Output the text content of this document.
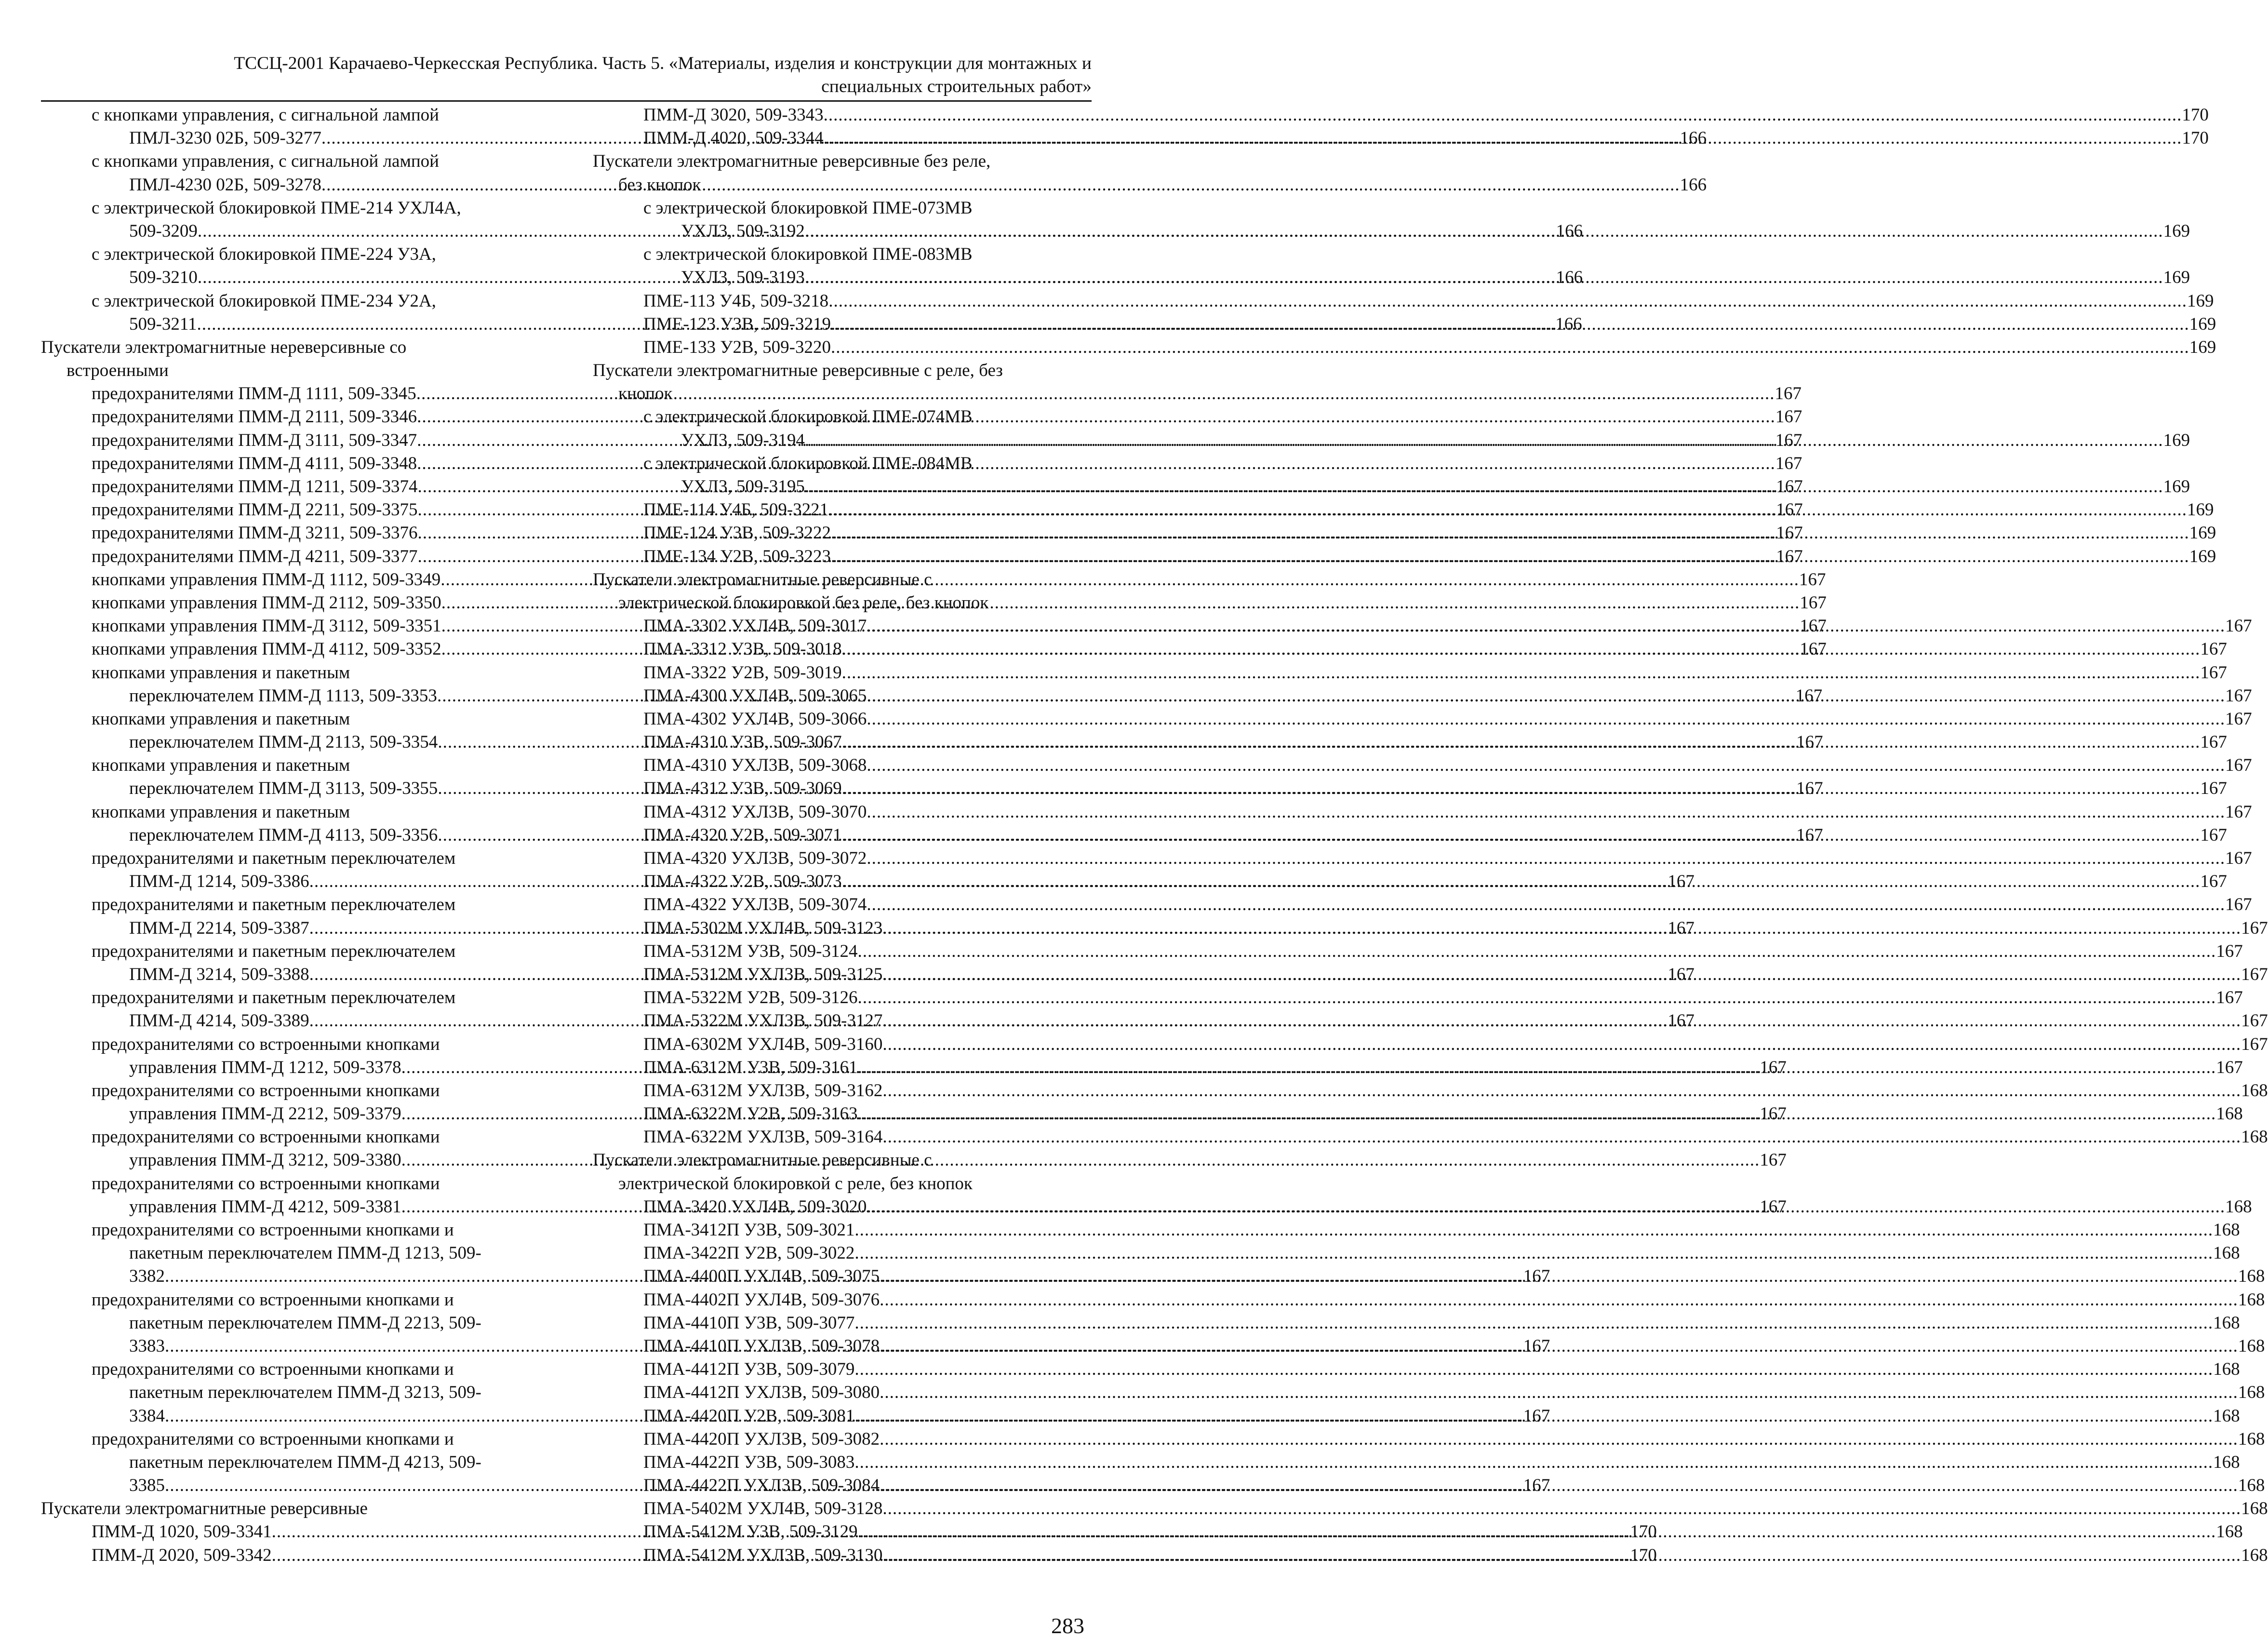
ТССЦ-2001 Карачаево-Черкесская Республика. Часть 5. «Материалы, изделия и конструкции для монтажных и
специальных строительных работ»
с кнопками управления, с сигнальной лампой
ПМЛ-3230 02Б, 509-3277 .....	166
с кнопками управления, с сигнальной лампой
ПМЛ-4230 02Б, 509-3278 .....	166
с электрической блокировкой ПМЕ-214 УХЛ4А,
509-3209 .....	166
с электрической блокировкой ПМЕ-224 У3А,
509-3210 .....	166
с электрической блокировкой ПМЕ-234 У2А,
509-3211 .....	166
Пускатели электромагнитные нереверсивные со
встроенными
предохранителями ПММ-Д 1111, 509-3345 .....	167
предохранителями ПММ-Д 2111, 509-3346 .....	167
предохранителями ПММ-Д 3111, 509-3347 .....	167
предохранителями ПММ-Д 4111, 509-3348 .....	167
предохранителями ПММ-Д 1211, 509-3374 .....	167
предохранителями ПММ-Д 2211, 509-3375 .....	167
предохранителями ПММ-Д 3211, 509-3376 .....	167
предохранителями ПММ-Д 4211, 509-3377 .....	167
кнопками управления ПММ-Д 1112, 509-3349 .....	167
кнопками управления ПММ-Д 2112, 509-3350 .....	167
кнопками управления ПММ-Д 3112, 509-3351 .....	167
кнопками управления ПММ-Д 4112, 509-3352 .....	167
кнопками управления и пакетным
переключателем ПММ-Д 1113, 509-3353 .....	167
кнопками управления и пакетным
переключателем ПММ-Д 2113, 509-3354 .....	167
кнопками управления и пакетным
переключателем ПММ-Д 3113, 509-3355 .....	167
кнопками управления и пакетным
переключателем ПММ-Д 4113, 509-3356 .....	167
предохранителями и пакетным переключателем
ПММ-Д 1214, 509-3386 .....	167
предохранителями и пакетным переключателем
ПММ-Д 2214, 509-3387 .....	167
предохранителями и пакетным переключателем
ПММ-Д 3214, 509-3388 .....	167
предохранителями и пакетным переключателем
ПММ-Д 4214, 509-3389 .....	167
предохранителями со встроенными кнопками
управления ПММ-Д 1212, 509-3378 .....	167
предохранителями со встроенными кнопками
управления ПММ-Д 2212, 509-3379 .....	167
предохранителями со встроенными кнопками
управления ПММ-Д 3212, 509-3380 .....	167
предохранителями со встроенными кнопками
управления ПММ-Д 4212, 509-3381 .....	167
предохранителями со встроенными кнопками и
пакетным переключателем ПММ-Д 1213, 509-
3382 .....	167
предохранителями со встроенными кнопками и
пакетным переключателем ПММ-Д 2213, 509-
3383 .....	167
предохранителями со встроенными кнопками и
пакетным переключателем ПММ-Д 3213, 509-
3384 .....	167
предохранителями со встроенными кнопками и
пакетным переключателем ПММ-Д 4213, 509-
3385 .....	167
Пускатели электромагнитные реверсивные
ПММ-Д 1020, 509-3341 .....	170
ПММ-Д 2020, 509-3342 .....	170
ПММ-Д 3020, 509-3343 .....	170
ПММ-Д 4020, 509-3344 .....	170
Пускатели электромагнитные реверсивные без реле,
без кнопок
с электрической блокировкой ПМЕ-073МВ
УХЛ3, 509-3192 .....	169
с электрической блокировкой ПМЕ-083МВ
УХЛ3, 509-3193 .....	169
ПМЕ-113 У4Б, 509-3218 .....	169
ПМЕ-123 У3В, 509-3219 .....	169
ПМЕ-133 У2В, 509-3220 .....	169
Пускатели электромагнитные реверсивные с реле, без
кнопок
с электрической блокировкой ПМЕ-074МВ
УХЛ3, 509-3194 .....	169
с электрической блокировкой ПМЕ-084МВ
УХЛ3, 509-3195 .....	169
ПМЕ-114 У4Б, 509-3221 .....	169
ПМЕ-124 У3В, 509-3222 .....	169
ПМЕ-134 У2В, 509-3223 .....	169
Пускатели электромагнитные реверсивные с
электрической блокировкой без реле, без кнопок
ПМА-3302 УХЛ4В, 509-3017 .....	167
ПМА-3312 У3В, 509-3018 .....	167
ПМА-3322 У2В, 509-3019 .....	167
ПМА-4300 УХЛ4В, 509-3065 .....	167
ПМА-4302 УХЛ4В, 509-3066 .....	167
ПМА-4310 У3В, 509-3067 .....	167
ПМА-4310 УХЛ3В, 509-3068 .....	167
ПМА-4312 У3В, 509-3069 .....	167
ПМА-4312 УХЛ3В, 509-3070 .....	167
ПМА-4320 У2В, 509-3071 .....	167
ПМА-4320 УХЛ3В, 509-3072 .....	167
ПМА-4322 У2В, 509-3073 .....	167
ПМА-4322 УХЛ3В, 509-3074 .....	167
ПМА-5302М УХЛ4В, 509-3123 .....	167
ПМА-5312М У3В, 509-3124 .....	167
ПМА-5312М УХЛ3В, 509-3125 .....	167
ПМА-5322М У2В, 509-3126 .....	167
ПМА-5322М УХЛ3В, 509-3127 .....	167
ПМА-6302М УХЛ4В, 509-3160 .....	167
ПМА-6312М У3В, 509-3161 .....	167
ПМА-6312М УХЛ3В, 509-3162 .....	168
ПМА-6322М У2В, 509-3163 .....	168
ПМА-6322М УХЛ3В, 509-3164 .....	168
Пускатели электромагнитные реверсивные с
электрической блокировкой с реле, без кнопок
ПМА-3420 УХЛ4В, 509-3020 .....	168
ПМА-3412П У3В, 509-3021 .....	168
ПМА-3422П У2В, 509-3022 .....	168
ПМА-4400П УХЛ4В, 509-3075 .....	168
ПМА-4402П УХЛ4В, 509-3076 .....	168
ПМА-4410П У3В, 509-3077 .....	168
ПМА-4410П УХЛ3В, 509-3078 .....	168
ПМА-4412П У3В, 509-3079 .....	168
ПМА-4412П УХЛ3В, 509-3080 .....	168
ПМА-4420П У2В, 509-3081 .....	168
ПМА-4420П УХЛ3В, 509-3082 .....	168
ПМА-4422П У3В, 509-3083 .....	168
ПМА-4422П УХЛ3В, 509-3084 .....	168
ПМА-5402М УХЛ4В, 509-3128 .....	168
ПМА-5412М У3В, 509-3129 .....	168
ПМА-5412М УХЛ3В, 509-3130 .....	168
283
